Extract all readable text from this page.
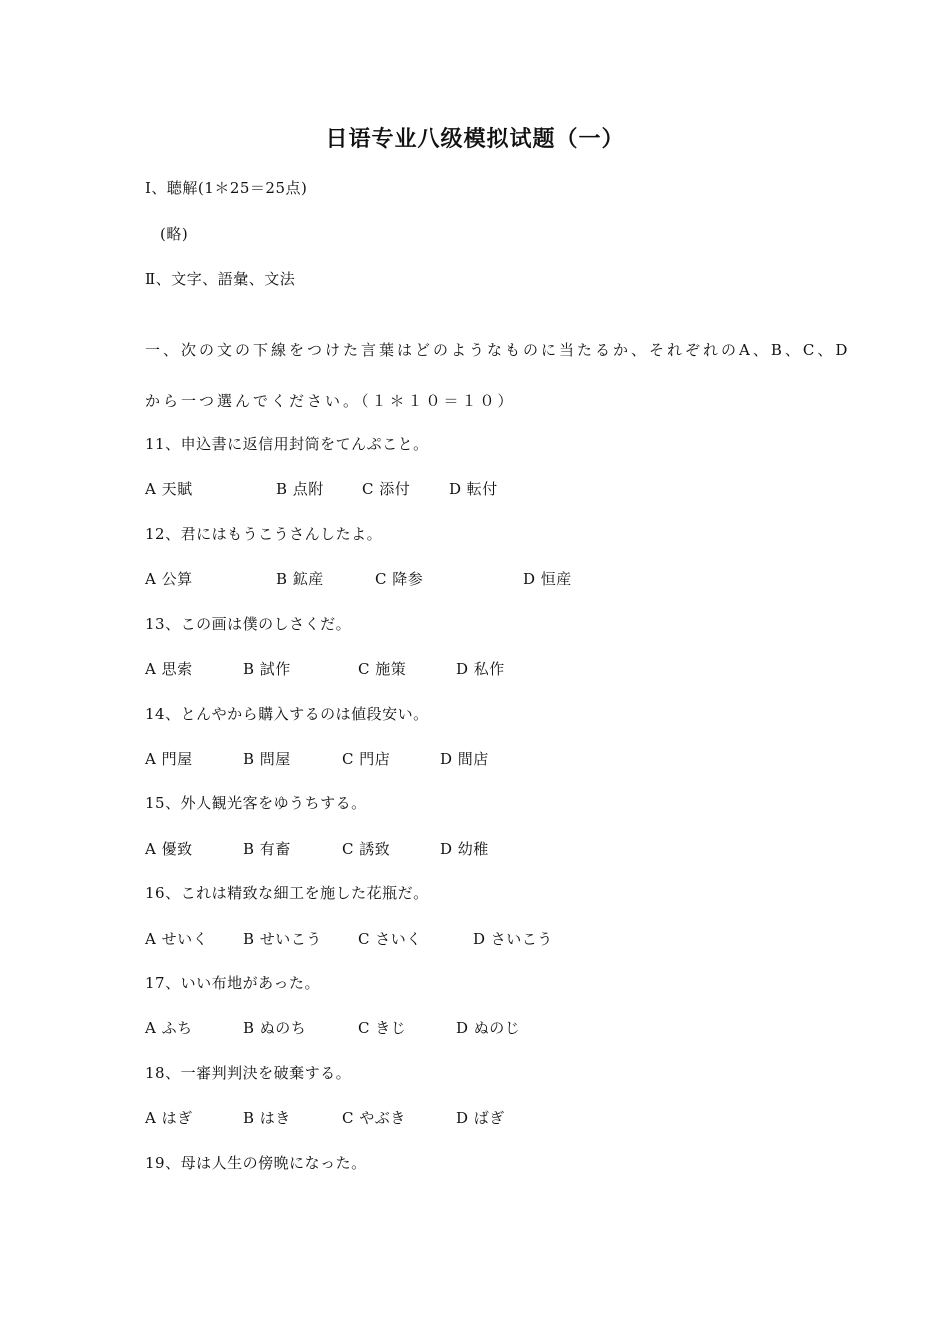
日语专业八级模拟试题（一）
Ⅰ、聴解(1＊25＝25点)
(略)
Ⅱ、文字、語彙、文法
一、次の文の下線をつけた言葉はどのようなものに当たるか、それぞれのA、B、C、D
から一つ選んでください。（１＊１０＝１０）
11、申込書に返信用封筒をてんぷこと。
A 天賦	B 点附	C 添付	D 転付
12、君にはもうこうさんしたよ。
A 公算	B 鉱産	C 降参	D 恒産
13、この画は僕のしさくだ。
A 思索	B 試作	C 施策	D 私作
14、とんやから購入するのは値段安い。
A 門屋	B 問屋	C 門店	D 間店
15、外人観光客をゆうちする。
A 優致	B 有畜	C 誘致	D 幼稚
16、これは精致な細工を施した花瓶だ。
A せいく B せいこう C さいく	D さいこう
17、いい布地があった。
A ふち	B ぬのち	C きじ	D ぬのじ
18、一審判判決を破棄する。
A はぎ	B はき	C やぶき	D ばぎ
19、母は人生の傍晩になった。
